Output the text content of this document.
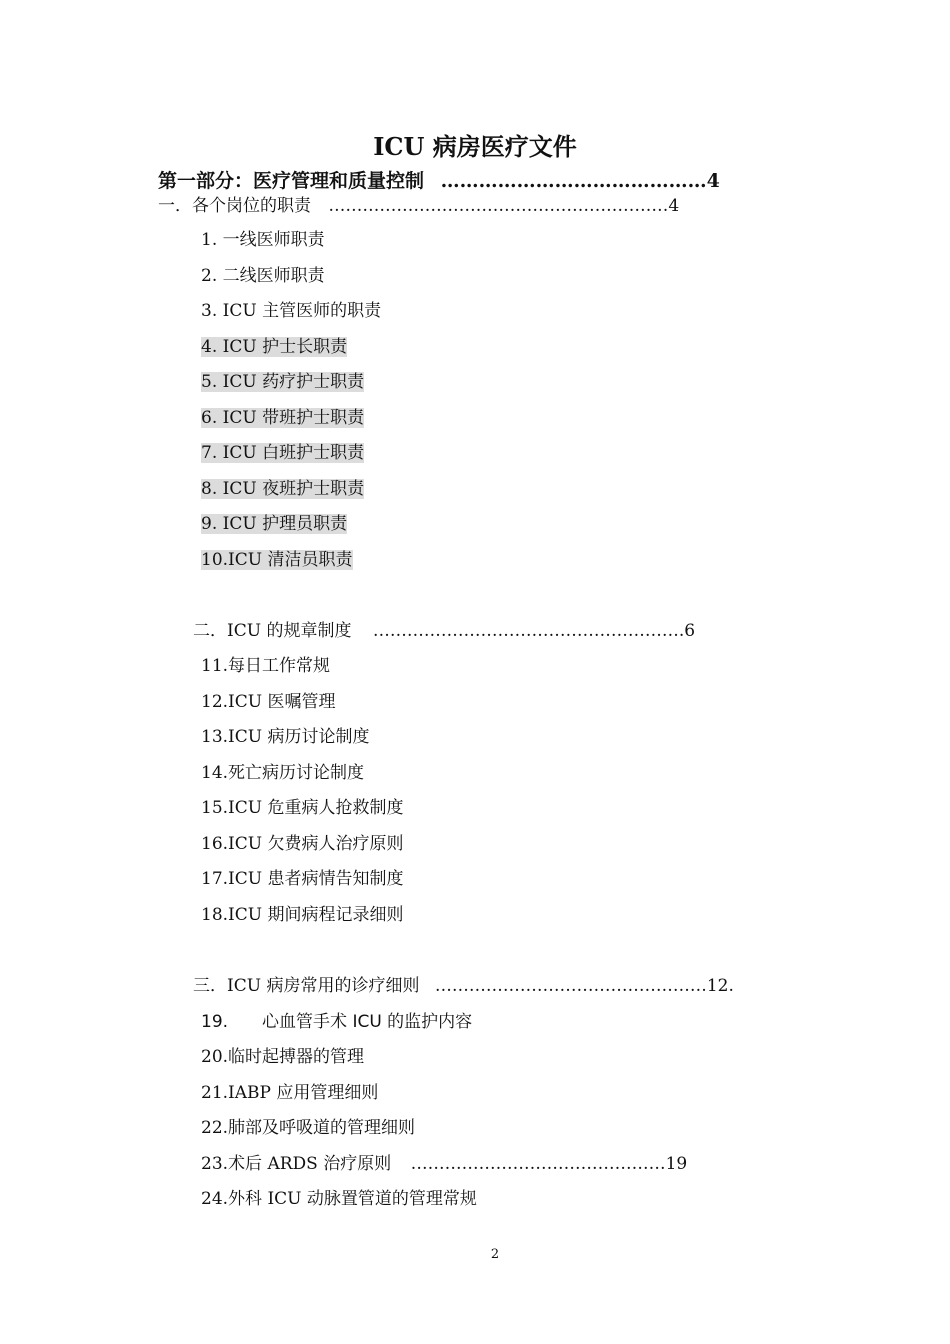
ICU 病房医疗文件
第一部分：医疗管理和质量控制 ……………………………………4
一．各个岗位的职责 ……………………………………………………4
1. 一线医师职责
2. 二线医师职责
3. ICU 主管医师的职责
4. ICU 护士长职责
5. ICU 药疗护士职责
6. ICU 带班护士职责
7. ICU 白班护士职责
8. ICU 夜班护士职责
9. ICU 护理员职责
10.ICU 清洁员职责
二．ICU 的规章制度 ……………………………………………….6
11.每日工作常规
12.ICU 医嘱管理
13.ICU 病历讨论制度
14.死亡病历讨论制度
15.ICU 危重病人抢救制度
16.ICU 欠费病人治疗原则
17.ICU 患者病情告知制度
18.ICU 期间病程记录细则
三．ICU 病房常用的诊疗细则 …………………………………………12.
19. 心血管手术 ICU 的监护内容
20.临时起搏器的管理
21.IABP 应用管理细则
22.肺部及呼吸道的管理细则
23.术后 ARDS 治疗原则 ………………………………………19
24.外科 ICU 动脉置管道的管理常规
2
